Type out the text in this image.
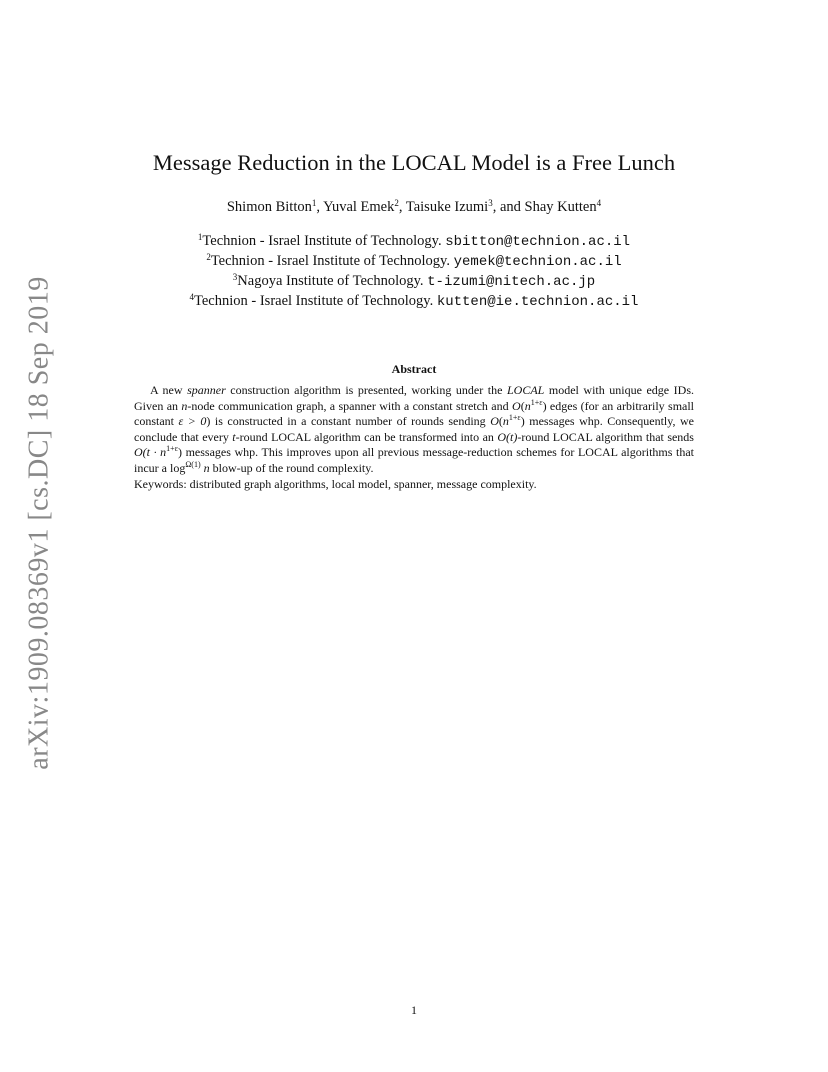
arXiv:1909.08369v1 [cs.DC] 18 Sep 2019
Message Reduction in the LOCAL Model is a Free Lunch
Shimon Bitton$^1$, Yuval Emek$^2$, Taisuke Izumi$^3$, and Shay Kutten$^4$
$^1$Technion - Israel Institute of Technology. sbitton@technion.ac.il
$^2$Technion - Israel Institute of Technology. yemek@technion.ac.il
$^3$Nagoya Institute of Technology. t-izumi@nitech.ac.jp
$^4$Technion - Israel Institute of Technology. kutten@ie.technion.ac.il
Abstract

A new spanner construction algorithm is presented, working under the LOCAL model with unique edge IDs. Given an n-node communication graph, a spanner with a constant stretch and $O(n^{1+\varepsilon})$ edges (for an arbitrarily small constant ε > 0) is constructed in a constant number of rounds sending $O(n^{1+\varepsilon})$ messages whp. Consequently, we conclude that every t-round LOCAL algorithm can be transformed into an O(t)-round LOCAL algorithm that sends $O(t \cdot n^{1+\varepsilon})$ messages whp. This improves upon all previous message-reduction schemes for LOCAL algorithms that incur a $\log^{\Omega(1)} n$ blow-up of the round complexity.

Keywords: distributed graph algorithms, local model, spanner, message complexity.

1
